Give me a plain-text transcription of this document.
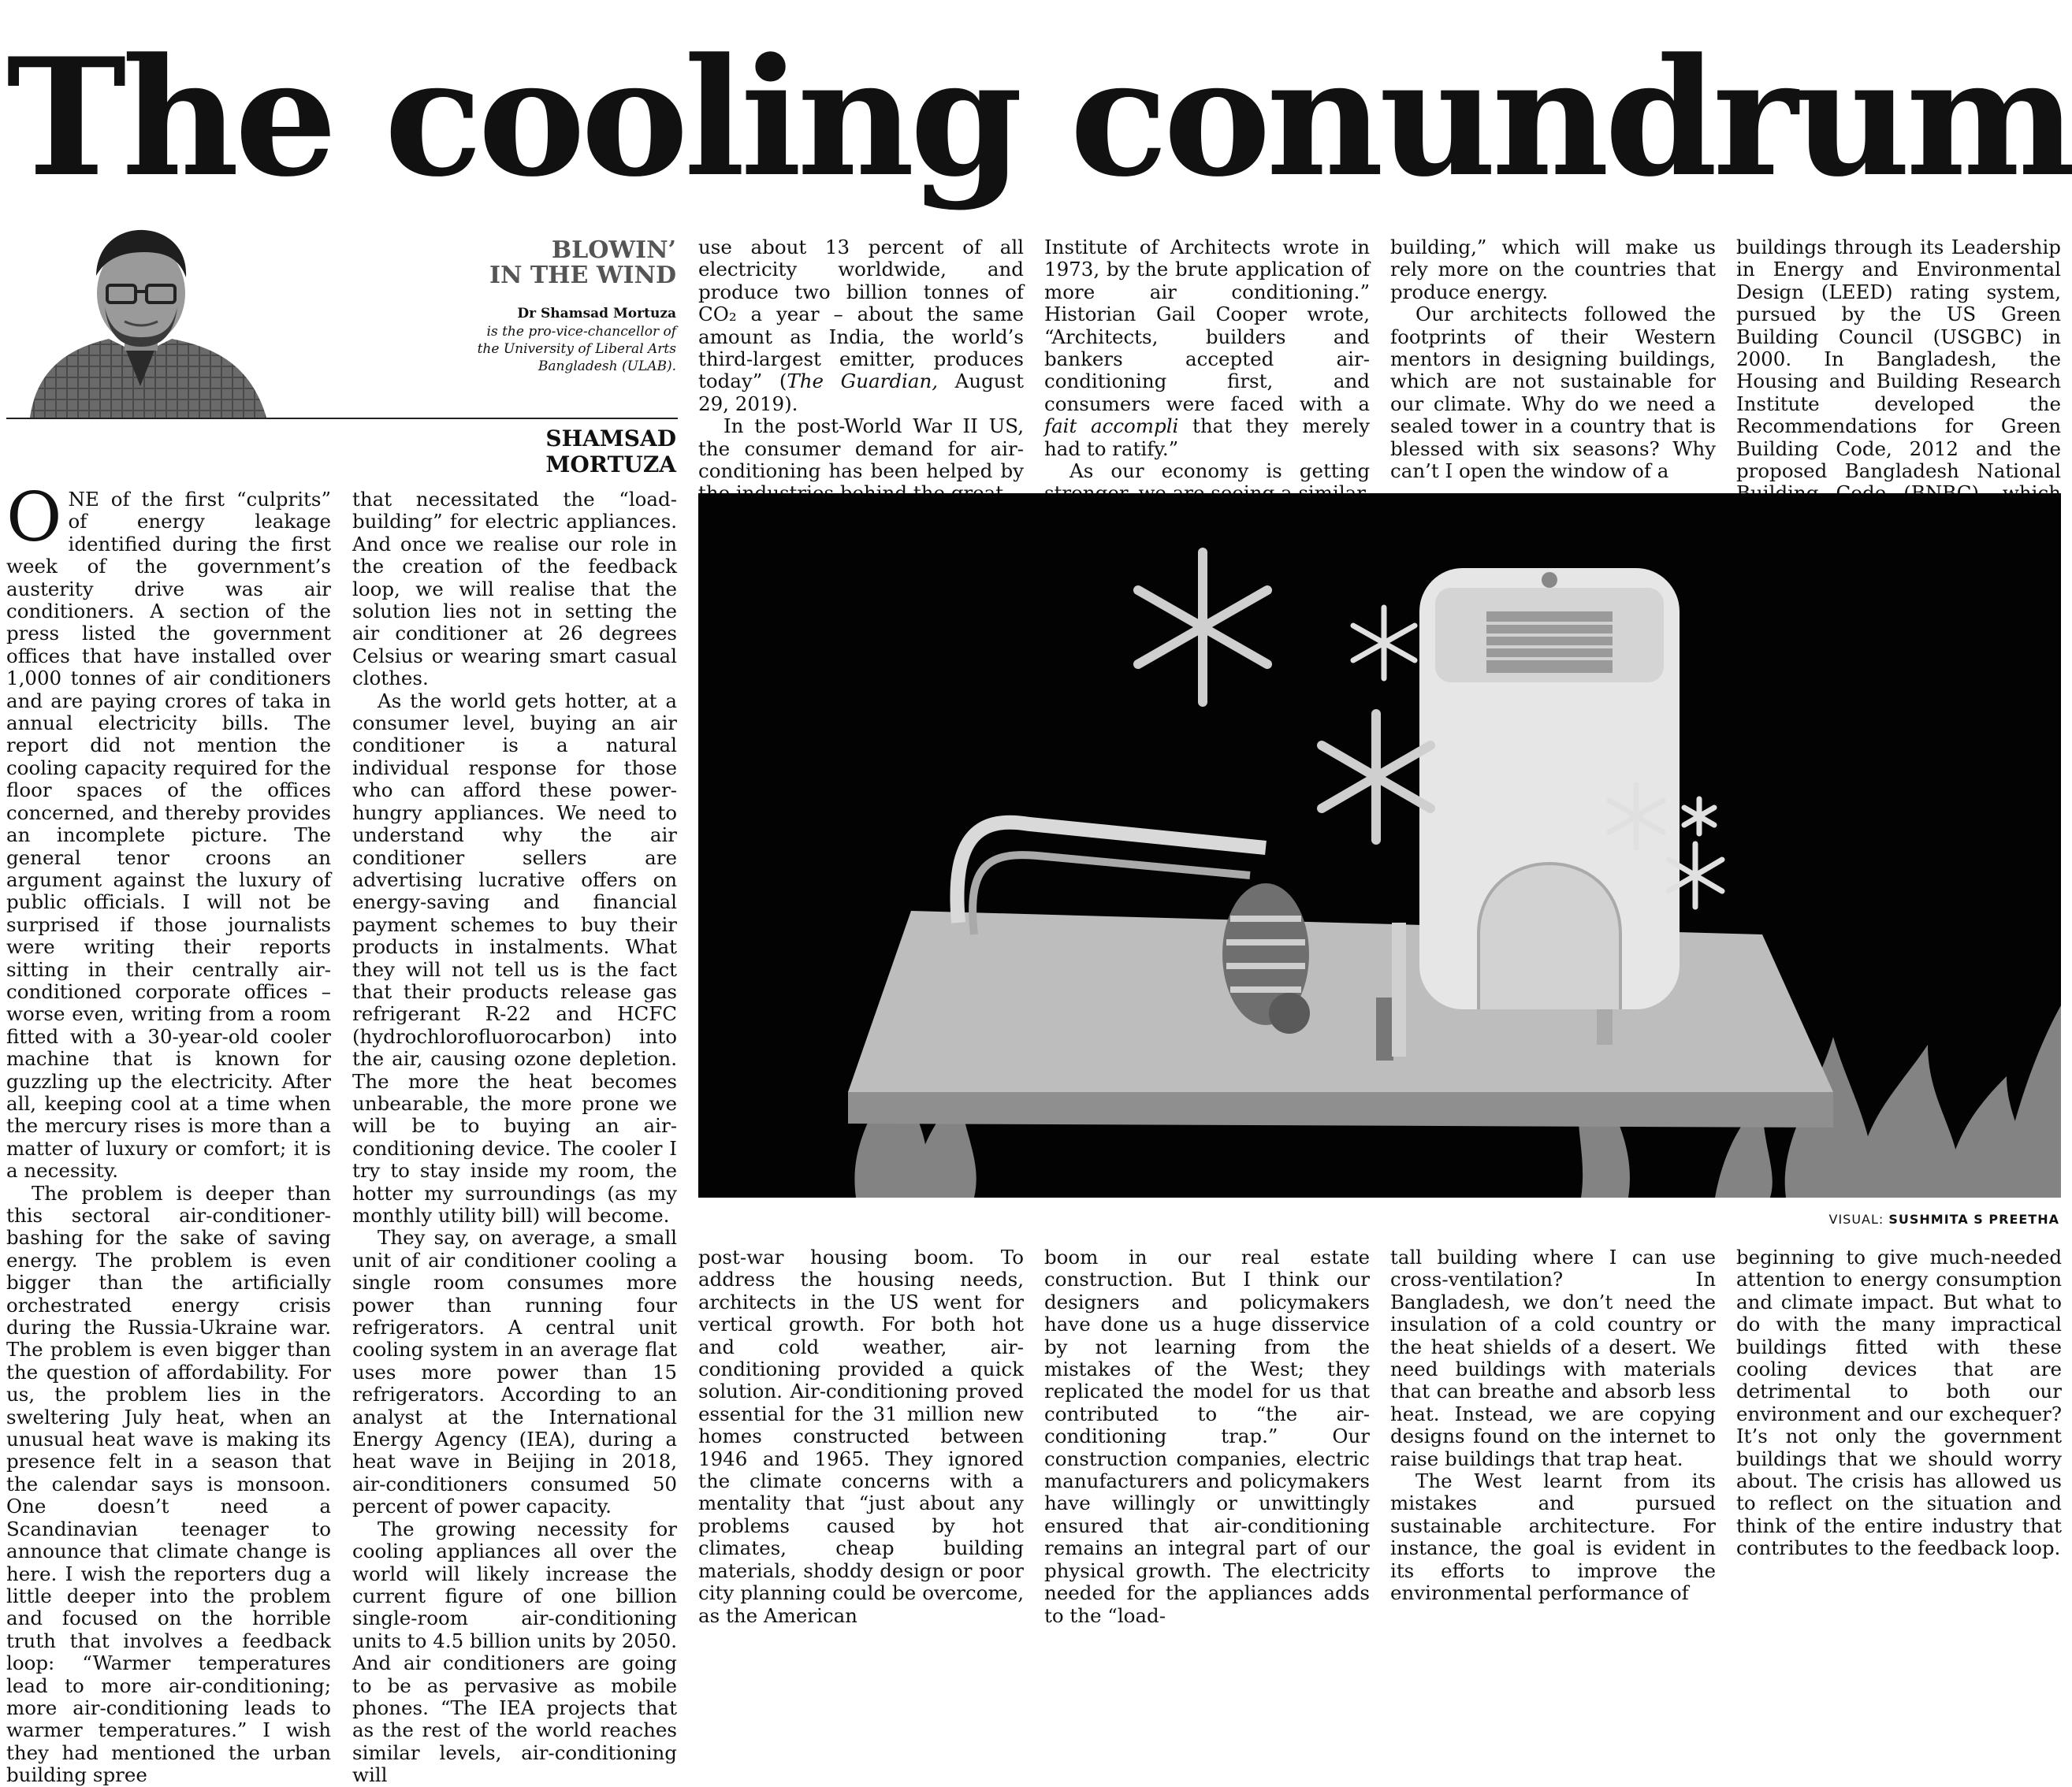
The cooling conundrum
BLOWIN’
IN THE WIND
Dr Shamsad Mortuza
is the pro-vice-chancellor of
the University of Liberal Arts
Bangladesh (ULAB).
SHAMSAD MORTUZA

ONE of the first “culprits” of energy leakage identified during the first week of the government’s austerity drive was air conditioners. A section of the press listed the government offices that have installed over 1,000 tonnes of air conditioners and are paying crores of taka in annual electricity bills. The report did not mention the cooling capacity required for the floor spaces of the offices concerned, and thereby provides an incomplete picture. The general tenor croons an argument against the luxury of public officials. I will not be surprised if those journalists were writing their reports sitting in their centrally air-conditioned corporate offices – worse even, writing from a room fitted with a 30-year-old cooler machine that is known for guzzling up the electricity. After all, keeping cool at a time when the mercury rises is more than a matter of luxury or comfort; it is a necessity.

The problem is deeper than this sectoral air-conditioner-bashing for the sake of saving energy. The problem is even bigger than the artificially orchestrated energy crisis during the Russia-Ukraine war. The problem is even bigger than the question of affordability. For us, the problem lies in the sweltering July heat, when an unusual heat wave is making its presence felt in a season that the calendar says is monsoon. One doesn’t need a Scandinavian teenager to announce that climate change is here. I wish the reporters dug a little deeper into the problem and focused on the horrible truth that involves a feedback loop: “Warmer temperatures lead to more air-conditioning; more air-conditioning leads to warmer temperatures.” I wish they had mentioned the urban building spree

that necessitated the “load-building” for electric appliances. And once we realise our role in the creation of the feedback loop, we will realise that the solution lies not in setting the air conditioner at 26 degrees Celsius or wearing smart casual clothes.

As the world gets hotter, at a consumer level, buying an air conditioner is a natural individual response for those who can afford these power-hungry appliances. We need to understand why the air conditioner sellers are advertising lucrative offers on energy-saving and financial payment schemes to buy their products in instalments. What they will not tell us is the fact that their products release gas refrigerant R-22 and HCFC (hydrochlorofluorocarbon) into the air, causing ozone depletion. The more the heat becomes unbearable, the more prone we will be to buying an air-conditioning device. The cooler I try to stay inside my room, the hotter my surroundings (as my monthly utility bill) will become.

They say, on average, a small unit of air conditioner cooling a single room consumes more power than running four refrigerators. A central unit cooling system in an average flat uses more power than 15 refrigerators. According to an analyst at the International Energy Agency (IEA), during a heat wave in Beijing in 2018, air-conditioners consumed 50 percent of power capacity.

The growing necessity for cooling appliances all over the world will likely increase the current figure of one billion single-room air-conditioning units to 4.5 billion units by 2050. And air conditioners are going to be as pervasive as mobile phones. “The IEA projects that as the rest of the world reaches similar levels, air-conditioning will

use about 13 percent of all electricity worldwide, and produce two billion tonnes of CO₂ a year – about the same amount as India, the world’s third-largest emitter, produces today” (The Guardian, August 29, 2019).

In the post-World War II US, the consumer demand for air-conditioning has been helped by

Institute of Architects wrote in 1973, by the brute application of more air conditioning.” Historian Gail Cooper wrote, “Architects, builders and bankers accepted air-conditioning first, and consumers were faced with a fait accompli that they merely had to ratify.”

As our economy is getting

building,” which will make us rely more on the countries that produce energy.

Our architects followed the footprints of their Western mentors in designing buildings, which are not sustainable for our climate. Why do we need a sealed tower in a country that is blessed with six seasons? Why can’t I open the window of a

buildings through its Leadership in Energy and Environmental Design (LEED) rating system, pursued by the US Green Building Council (USGBC) in 2000. In Bangladesh, the Housing and Building Research Institute developed the Recommendations for Green Building Code, 2012 and the proposed Bangladesh National

VISUAL: SUSHMITA S PREETHA

post-war housing boom. To address the housing needs, architects in the US went for vertical growth. For both hot and cold weather, air-conditioning provided a quick solution. Air-conditioning proved essential for the 31 million new homes constructed between 1946 and 1965. They ignored the climate concerns with a mentality that “just about any problems caused by hot climates, cheap building materials, shoddy design or poor city planning could be overcome, as the American

boom in our real estate construction. But I think our designers and policymakers have done us a huge disservice by not learning from the mistakes of the West; they replicated the model for us that contributed to “the air-conditioning trap.” Our construction companies, electric manufacturers and policymakers have willingly or unwittingly ensured that air-conditioning remains an integral part of our physical growth. The electricity needed for the appliances adds to the “load-

tall building where I can use cross-ventilation? In Bangladesh, we don’t need the insulation of a cold country or the heat shields of a desert. We need buildings with materials that can breathe and absorb less heat. Instead, we are copying designs found on the internet to raise buildings that trap heat.

The West learnt from its mistakes and pursued sustainable architecture. For instance, the goal is evident in its efforts to improve the environmental performance of

beginning to give much-needed attention to energy consumption and climate impact. But what to do with the many impractical buildings fitted with these cooling devices that are detrimental to both our environment and our exchequer? It’s not only the government buildings that we should worry about. The crisis has allowed us to reflect on the situation and think of the entire industry that contributes to the feedback loop.
